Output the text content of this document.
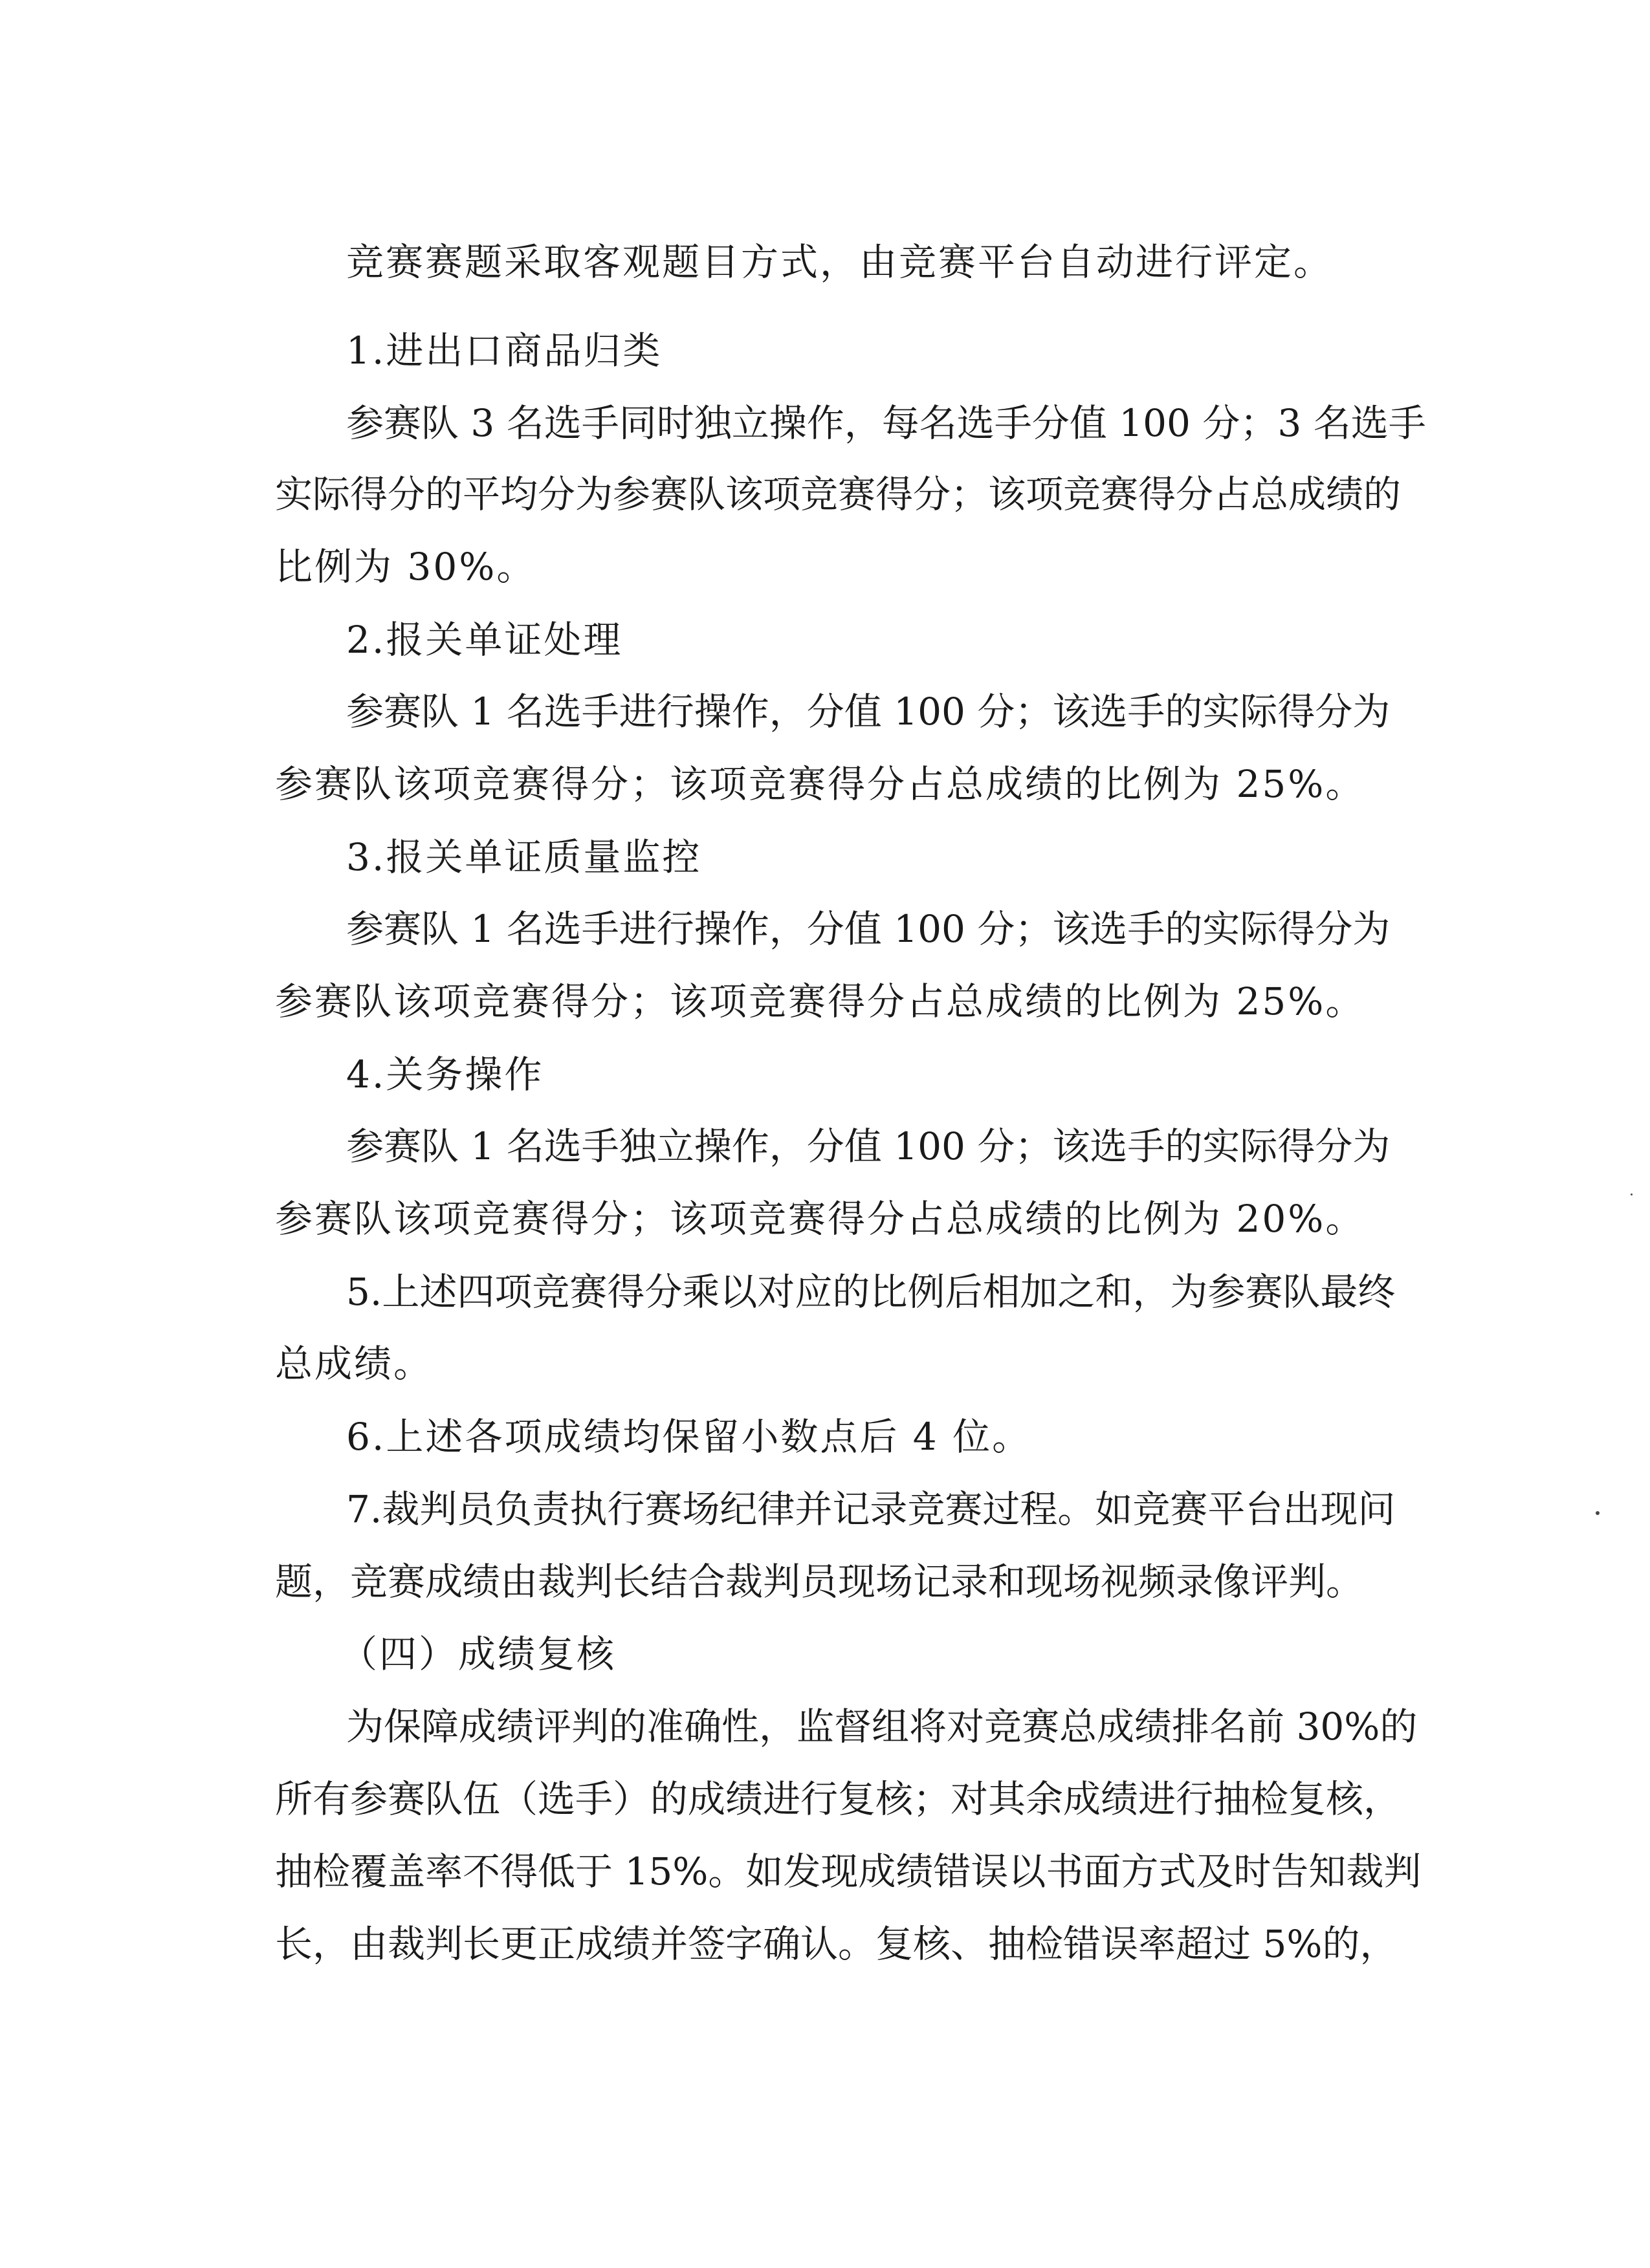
竞赛赛题采取客观题目方式，由竞赛平台自动进行评定。
1.进出口商品归类
参赛队 3 名选手同时独立操作，每名选手分值 100 分；3 名选手
实际得分的平均分为参赛队该项竞赛得分；该项竞赛得分占总成绩的
比例为 30%。
2.报关单证处理
参赛队 1 名选手进行操作，分值 100 分；该选手的实际得分为
参赛队该项竞赛得分；该项竞赛得分占总成绩的比例为 25%。
3.报关单证质量监控
参赛队 1 名选手进行操作，分值 100 分；该选手的实际得分为
参赛队该项竞赛得分；该项竞赛得分占总成绩的比例为 25%。
4.关务操作
参赛队 1 名选手独立操作，分值 100 分；该选手的实际得分为
参赛队该项竞赛得分；该项竞赛得分占总成绩的比例为 20%。
5.上述四项竞赛得分乘以对应的比例后相加之和，为参赛队最终
总成绩。
6.上述各项成绩均保留小数点后 4 位。
7.裁判员负责执行赛场纪律并记录竞赛过程。如竞赛平台出现问
题，竞赛成绩由裁判长结合裁判员现场记录和现场视频录像评判。
（四）成绩复核
为保障成绩评判的准确性，监督组将对竞赛总成绩排名前 30%的
所有参赛队伍（选手）的成绩进行复核；对其余成绩进行抽检复核，
抽检覆盖率不得低于 15%。如发现成绩错误以书面方式及时告知裁判
长，由裁判长更正成绩并签字确认。复核、抽检错误率超过 5%的，
